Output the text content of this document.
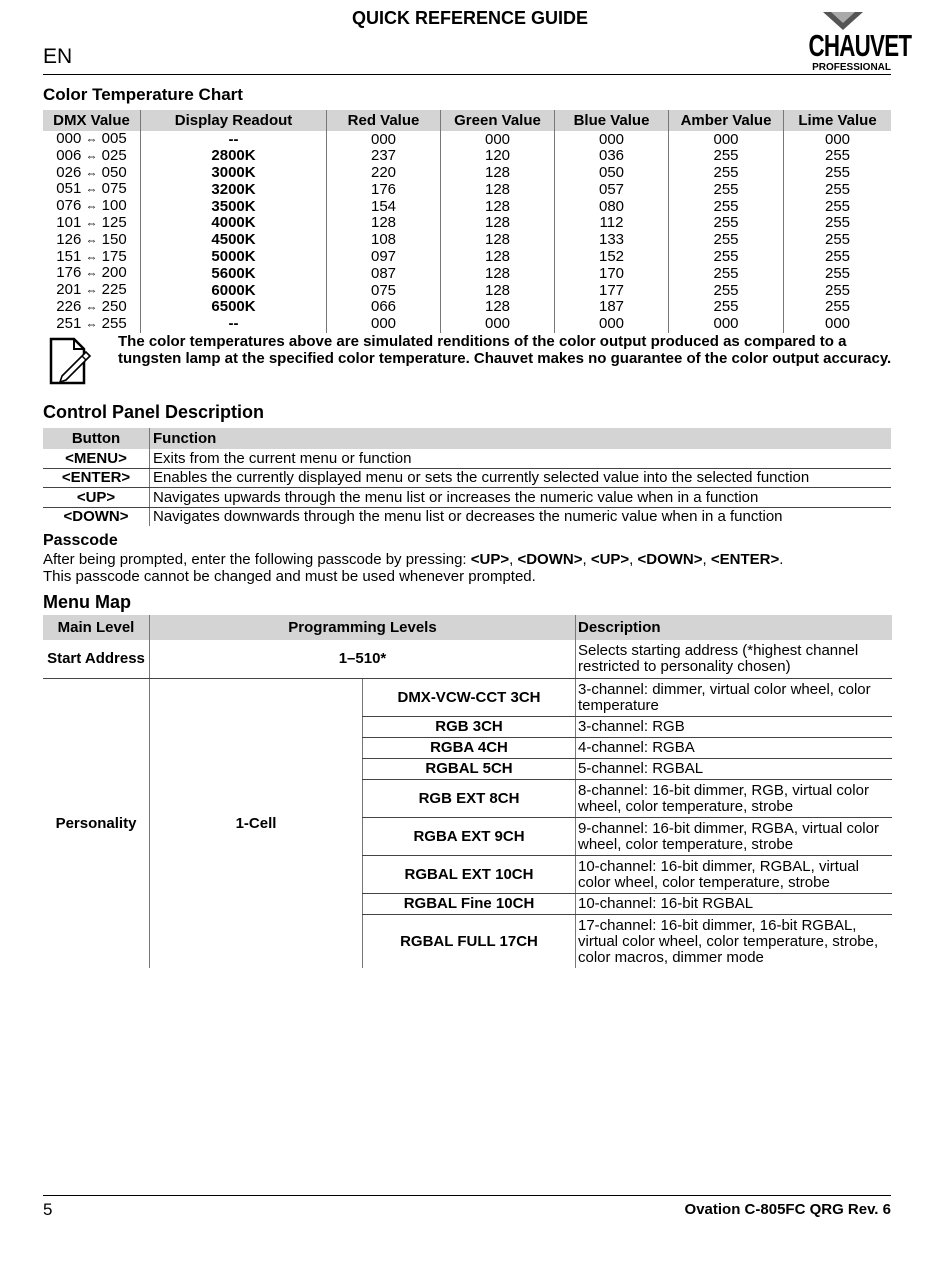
QUICK REFERENCE GUIDE
EN	CHAUVET
PROFESSIONAL
Color Temperature Chart
DMX Value	Display Readout	Red Value	Green Value	Blue Value	Amber Value	Lime Value
000 ⇔ 005	--	000	000	000	000	000
006 ⇔ 025	2800K	237	120	036	255	255
026 ⇔ 050	3000K	220	128	050	255	255
051 ⇔ 075	3200K	176	128	057	255	255
076 ⇔ 100	3500K	154	128	080	255	255
101 ⇔ 125	4000K	128	128	112	255	255
126 ⇔ 150	4500K	108	128	133	255	255
151 ⇔ 175	5000K	097	128	152	255	255
176 ⇔ 200	5600K	087	128	170	255	255
201 ⇔ 225	6000K	075	128	177	255	255
226 ⇔ 250	6500K	066	128	187	255	255
251 ⇔ 255	--	000	000	000	000	000
The color temperatures above are simulated renditions of the color output produced as compared to a tungsten lamp at the specified color temperature. Chauvet makes no guarantee of the color output accuracy.
Control Panel Description
Button	Function
<MENU>	Exits from the current menu or function
<ENTER>	Enables the currently displayed menu or sets the currently selected value into the selected function
<UP>	Navigates upwards through the menu list or increases the numeric value when in a function
<DOWN>	Navigates downwards through the menu list or decreases the numeric value when in a function
Passcode
After being prompted, enter the following passcode by pressing: <UP>, <DOWN>, <UP>, <DOWN>, <ENTER>.
This passcode cannot be changed and must be used whenever prompted.
Menu Map
Main Level	Programming Levels		Description
Start Address	1–510*		Selects starting address (*highest channel restricted to personality chosen)
Personality	1-Cell	DMX-VCW-CCT 3CH	3-channel: dimmer, virtual color wheel, color temperature
		RGB 3CH	3-channel: RGB
		RGBA 4CH	4-channel: RGBA
		RGBAL 5CH	5-channel: RGBAL
		RGB EXT 8CH	8-channel: 16-bit dimmer, RGB, virtual color wheel, color temperature, strobe
		RGBA EXT 9CH	9-channel: 16-bit dimmer, RGBA, virtual color wheel, color temperature, strobe
		RGBAL EXT 10CH	10-channel: 16-bit dimmer, RGBAL, virtual color wheel, color temperature, strobe
		RGBAL Fine 10CH	10-channel: 16-bit RGBAL
		RGBAL FULL 17CH	17-channel: 16-bit dimmer, 16-bit RGBAL, virtual color wheel, color temperature, strobe, color macros, dimmer mode
5	Ovation C-805FC QRG Rev. 6
